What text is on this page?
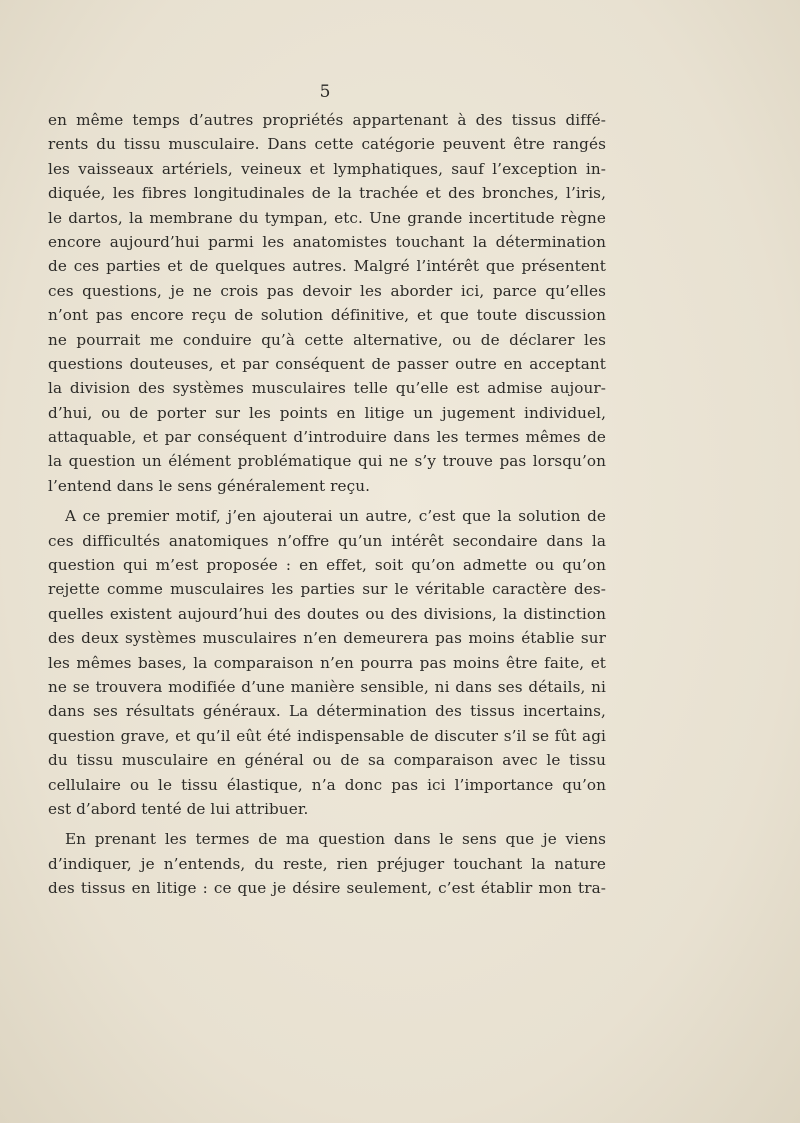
5
en même temps d’autres propriétés appartenant à des tissus diffé-
rents du tissu musculaire. Dans cette catégorie peuvent être rangés
les vaisseaux artériels, veineux et lymphatiques, sauf l’exception in-
diquée, les fibres longitudinales de la trachée et des bronches, l’iris,
le dartos, la membrane du tympan, etc. Une grande incertitude règne
encore aujourd’hui parmi les anatomistes touchant la détermination
de ces parties et de quelques autres. Malgré l’intérêt que présentent
ces questions, je ne crois pas devoir les aborder ici, parce qu’elles
n’ont pas encore reçu de solution définitive, et que toute discussion
ne pourrait me conduire qu’à cette alternative, ou de déclarer les
questions douteuses, et par conséquent de passer outre en acceptant
la division des systèmes musculaires telle qu’elle est admise aujour-
d’hui, ou de porter sur les points en litige un jugement individuel,
attaquable, et par conséquent d’introduire dans les termes mêmes de
la question un élément problématique qui ne s’y trouve pas lorsqu’on
l’entend dans le sens généralement reçu.
A ce premier motif, j’en ajouterai un autre, c’est que la solution de
ces difficultés anatomiques n’offre qu’un intérêt secondaire dans la
question qui m’est proposée : en effet, soit qu’on admette ou qu’on
rejette comme musculaires les parties sur le véritable caractère des-
quelles existent aujourd’hui des doutes ou des divisions, la distinction
des deux systèmes musculaires n’en demeurera pas moins établie sur
les mêmes bases, la comparaison n’en pourra pas moins être faite, et
ne se trouvera modifiée d’une manière sensible, ni dans ses détails, ni
dans ses résultats généraux. La détermination des tissus incertains,
question grave, et qu’il eût été indispensable de discuter s’il se fût agi
du tissu musculaire en général ou de sa comparaison avec le tissu
cellulaire ou le tissu élastique, n’a donc pas ici l’importance qu’on
est d’abord tenté de lui attribuer.
En prenant les termes de ma question dans le sens que je viens
d’indiquer, je n’entends, du reste, rien préjuger touchant la nature
des tissus en litige : ce que je désire seulement, c’est établir mon tra-
